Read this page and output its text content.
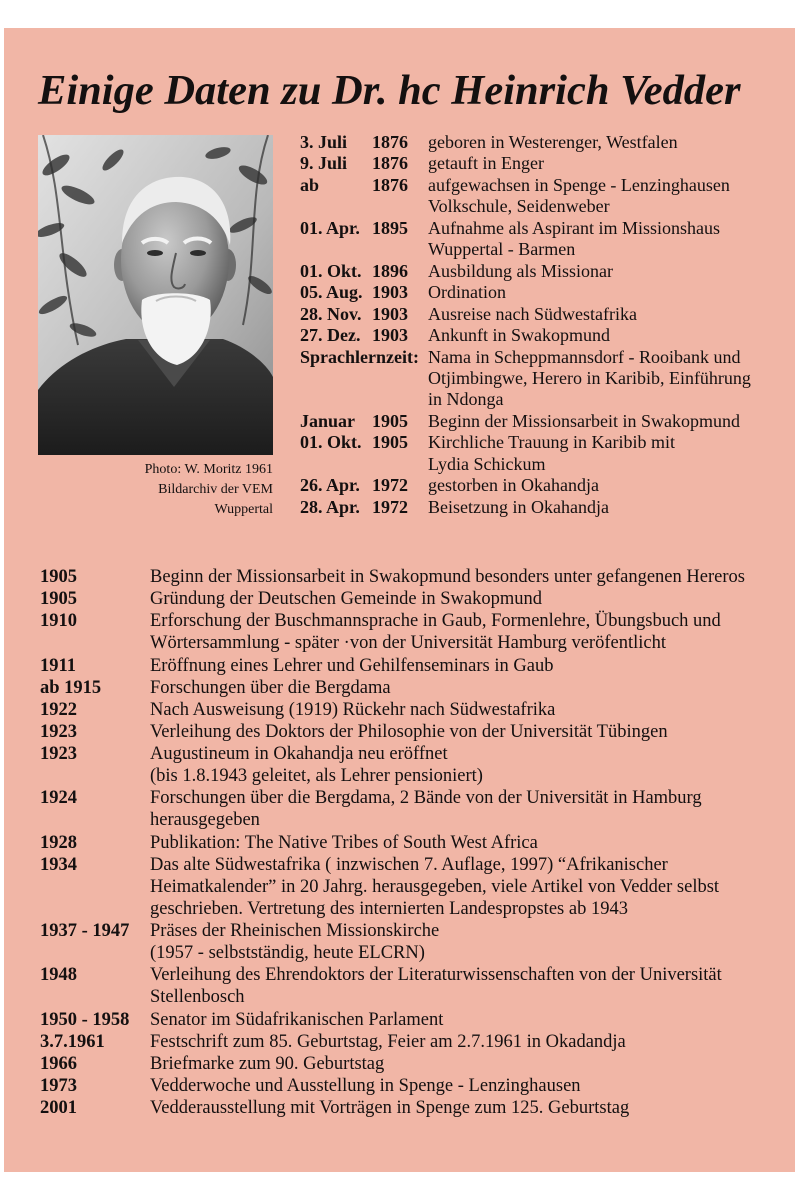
Einige Daten zu Dr. hc Heinrich Vedder
Photo: W. Moritz 1961
Bildarchiv der VEM
Wuppertal
3. Juli 1876 geboren in Westerenger, Westfalen
9. Juli 1876 getauft in Enger
ab	1876 aufgewachsen in Spenge - Lenzinghausen
Volkschule, Seidenweber
01. Apr. 1895 Aufnahme als Aspirant im Missionshaus
Wuppertal - Barmen
01. Okt. 1896 Ausbildung als Missionar
05. Aug. 1903 Ordination
28. Nov. 1903 Ausreise nach Südwestafrika
27. Dez. 1903 Ankunft in Swakopmund
Sprachlernzeit: Nama in Scheppmannsdorf - Rooibank und
Otjimbingwe, Herero in Karibib, Einführung
in Ndonga
Januar 1905 Beginn der Missionsarbeit in Swakopmund
01. Okt. 1905 Kirchliche Trauung in Karibib mit
Lydia Schickum
26. Apr. 1972 gestorben in Okahandja
28. Apr. 1972 Beisetzung in Okahandja
1905	Beginn der Missionsarbeit in Swakopmund besonders unter gefangenen Hereros
1905	Gründung der Deutschen Gemeinde in Swakopmund
1910	Erforschung der Buschmannsprache in Gaub, Formenlehre, Übungsbuch und
Wörtersammlung - später ·von der Universität Hamburg veröfentlicht
1911	Eröffnung eines Lehrer und Gehilfenseminars in Gaub
ab 1915	Forschungen über die Bergdama
1922	Nach Ausweisung (1919) Rückehr nach Südwestafrika
1923	Verleihung des Doktors der Philosophie von der Universität Tübingen
1923	Augustineum in Okahandja neu eröffnet
(bis 1.8.1943 geleitet, als Lehrer pensioniert)
1924	Forschungen über die Bergdama, 2 Bände von der Universität in Hamburg
herausgegeben
1928	Publikation: The Native Tribes of South West Africa
1934	Das alte Südwestafrika ( inzwischen 7. Auflage, 1997) “Afrikanischer
Heimatkalender” in 20 Jahrg. herausgegeben, viele Artikel von Vedder selbst
geschrieben. Vertretung des internierten Landespropstes ab 1943
1937 - 1947	Präses der Rheinischen Missionskirche
(1957 - selbstständig, heute ELCRN)
1948	Verleihung des Ehrendoktors der Literaturwissenschaften von der Universität
Stellenbosch
1950 - 1958	Senator im Südafrikanischen Parlament
3.7.1961	Festschrift zum 85. Geburtstag, Feier am 2.7.1961 in Okadandja
1966	Briefmarke zum 90. Geburtstag
1973	Vedderwoche und Ausstellung in Spenge - Lenzinghausen
2001	Vedderausstellung mit Vorträgen in Spenge zum 125. Geburtstag
